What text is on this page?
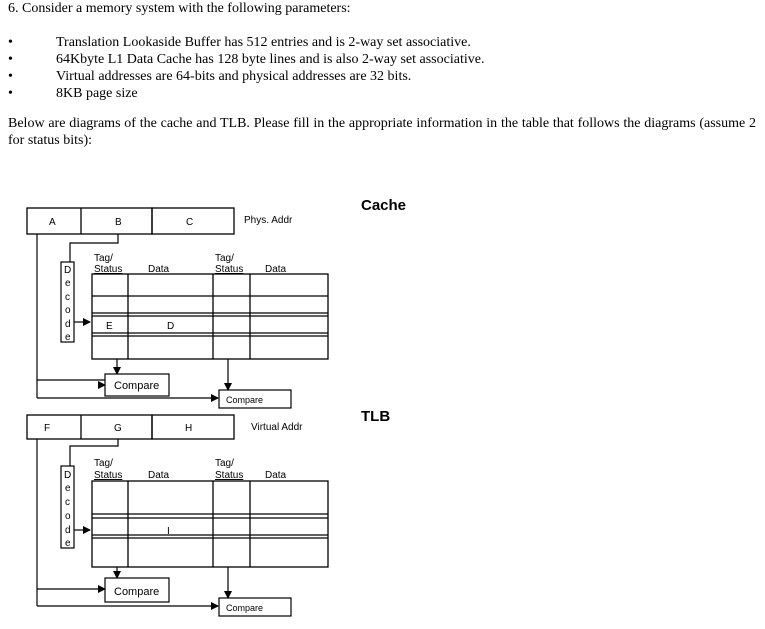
6. Consider a memory system with the following parameters:
•	Translation Lookaside Buffer has 512 entries and is 2-way set associative.
•	64Kbyte L1 Data Cache has 128 byte lines and is also 2-way set associative.
•	Virtual addresses are 64-bits and physical addresses are 32 bits.
•	8KB page size
Below are diagrams of the cache and TLB. Please fill in the appropriate information in the table that follows the diagrams (assume 2 for status bits):
Cache
A	B	C	Phys. Addr
D
e
c
o
d
e
Tag/
Status	Data
Tag/
Status Data
E	D
Compare
Compare
TLB
F	G	H	Virtual Addr
D
e
c
o
d
e
Tag/
Status	Data
Tag/
Status Data
I
Compare
Compare
